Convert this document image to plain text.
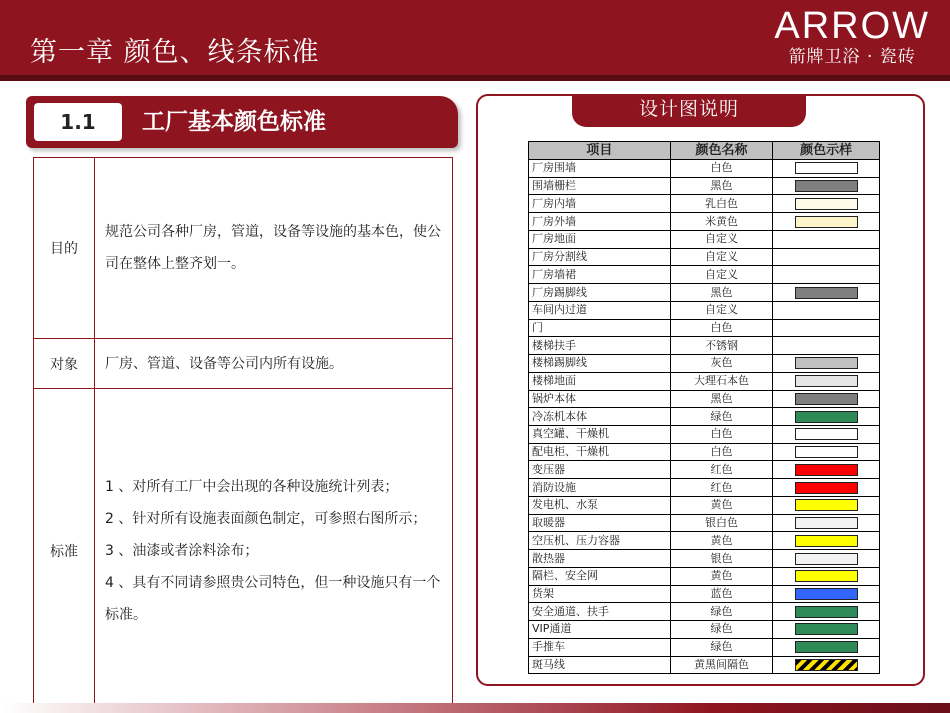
第一章 颜色、线条标准
ARROW
箭牌卫浴 · 瓷砖
1.1	工厂基本颜色标准
目的	规范公司各种厂房，管道，设备等设施的基本色，使公司在整体上整齐划一。
对象	厂房、管道、设备等公司内所有设施。
标准	1 、对所有工厂中会出现的各种设施统计列表；
2 、针对所有设施表面颜色制定，可参照右图所示；
3 、油漆或者涂料涂布；
4 、具有不同请参照贵公司特色，但一种设施只有一个标准。
设计图说明
项目	颜色名称	颜色示样
厂房围墙	白色	
围墙栅栏	黑色	
厂房内墙	乳白色	
厂房外墙	米黄色	
厂房地面	自定义	
厂房分割线	自定义	
厂房墙裙	自定义	
厂房踢脚线	黑色	
车间内过道	自定义	
门	白色	
楼梯扶手	不锈钢	
楼梯踢脚线	灰色	
楼梯地面	大理石本色	
锅炉本体	黑色	
冷冻机本体	绿色	
真空罐、干燥机	白色	
配电柜、干燥机	白色	
变压器	红色	
消防设施	红色	
发电机、水泵	黄色	
取暖器	银白色	
空压机、压力容器	黄色	
散热器	银色	
隔栏、安全网	黄色	
货架	蓝色	
安全通道、扶手	绿色	
VIP通道	绿色	
手推车	绿色	
斑马线	黄黑间隔色	
